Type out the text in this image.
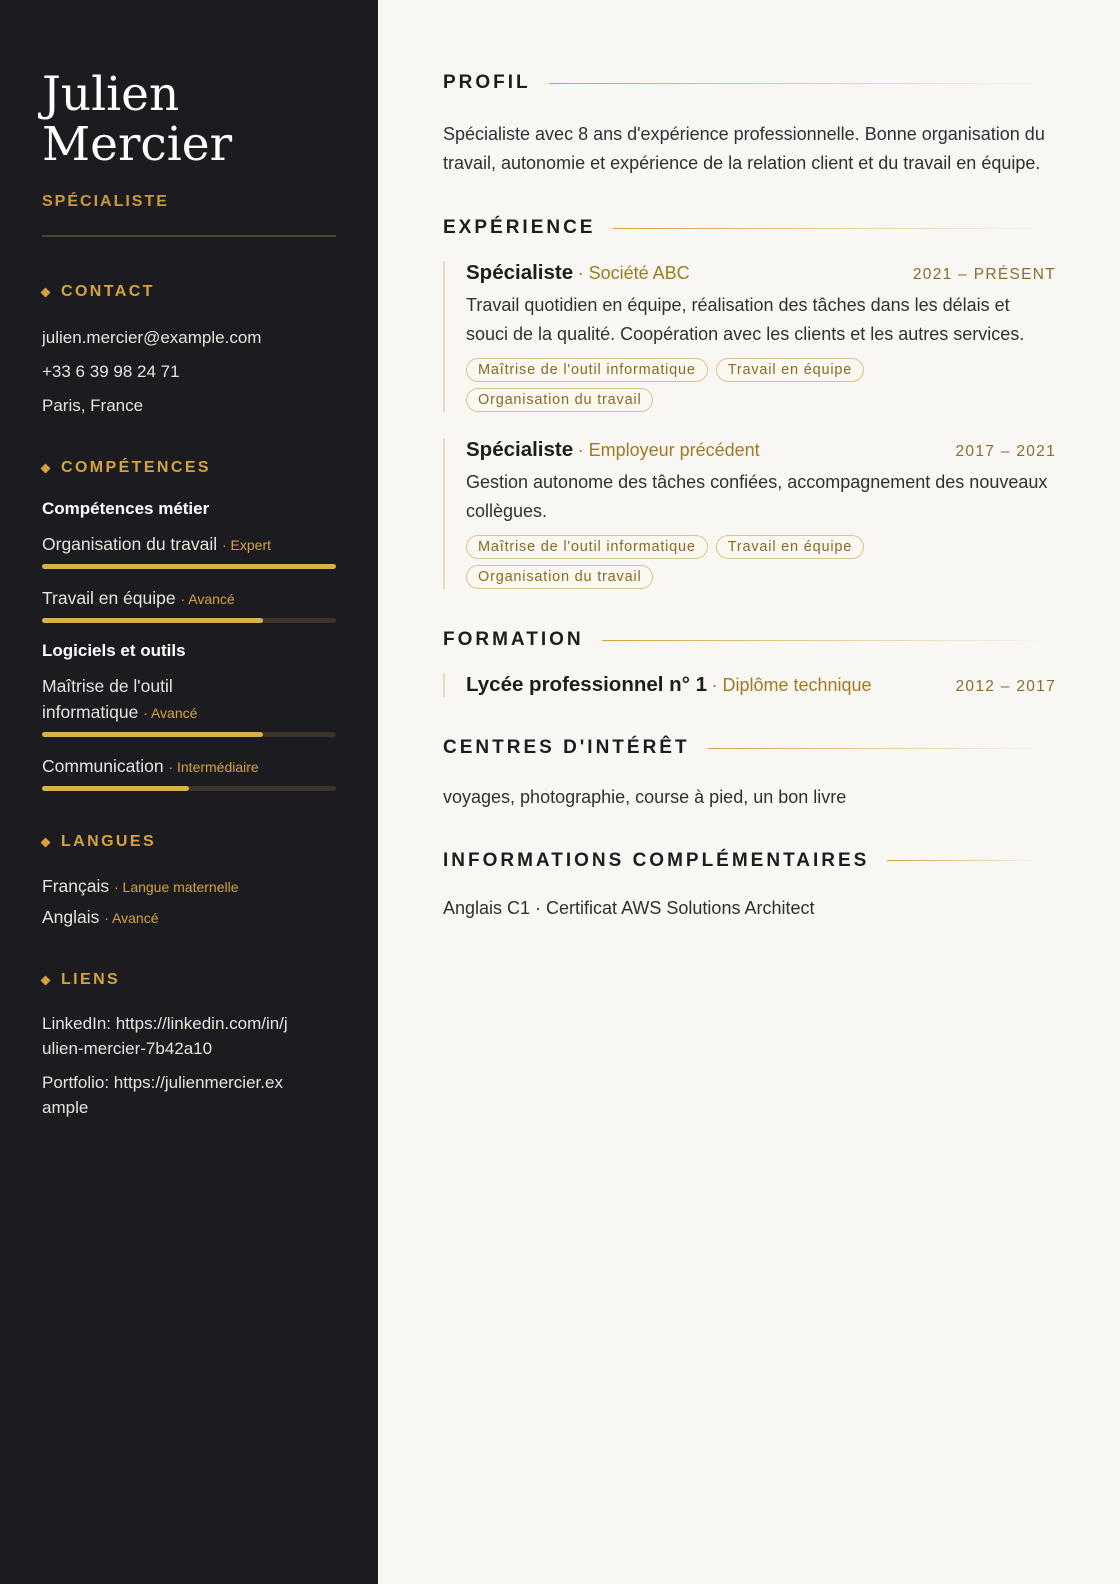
Julien
Mercier
SPÉCIALISTE
CONTACT
julien.mercier@example.com
+33 6 39 98 24 71
Paris, France
COMPÉTENCES
Compétences métier
Organisation du travail · Expert
Travail en équipe · Avancé
Logiciels et outils
Maîtrise de l'outil informatique · Avancé
Communication · Intermédiaire
LANGUES
Français · Langue maternelle
Anglais · Avancé
LIENS
LinkedIn: https://linkedin.com/in/julien-mercier-7b42a10
Portfolio: https://julienmercier.example
PROFIL

Spécialiste avec 8 ans d'expérience professionnelle. Bonne organisation du travail, autonomie et expérience de la relation client et du travail en équipe.

EXPÉRIENCE
Spécialiste · Société ABC	2021 – PRÉSENT

Travail quotidien en équipe, réalisation des tâches dans les délais et souci de la qualité. Coopération avec les clients et les autres services.

Maîtrise de l'outil informatique	Travail en équipe
Organisation du travail
Spécialiste · Employeur précédent	2017 – 2021

Gestion autonome des tâches confiées, accompagnement des nouveaux collègues.

Maîtrise de l'outil informatique	Travail en équipe
Organisation du travail
FORMATION
Lycée professionnel n° 1 · Diplôme technique	2012 – 2017
CENTRES D'INTÉRÊT

voyages, photographie, course à pied, un bon livre

INFORMATIONS COMPLÉMENTAIRES

Anglais C1 · Certificat AWS Solutions Architect
